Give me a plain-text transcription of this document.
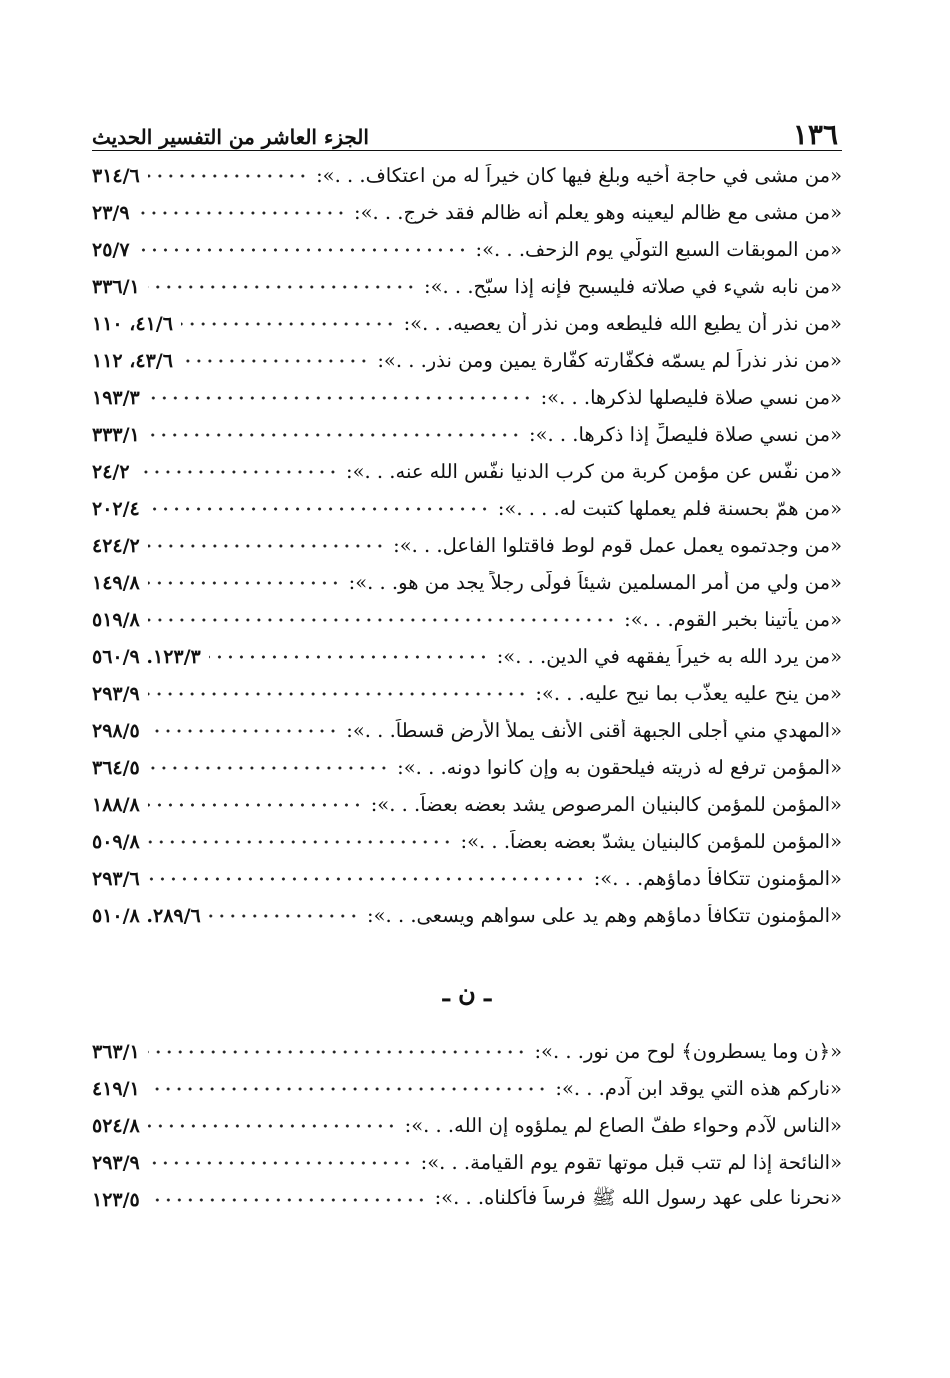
١٣٦
الجزء العاشر من التفسير الحديث
«من مشى في حاجة أخيه وبلغ فيها كان خيراً له من اعتكاف. . .»:
٣١٤/٦
«من مشى مع ظالم ليعينه وهو يعلم أنه ظالم فقد خرج. . .»:
٢٣/٩
«من الموبقات السبع التولّي يوم الزحف. . .»:
٢٥/٧
«من نابه شيء في صلاته فليسبح فإنه إذا سبّح. . .»:
٣٣٦/١
«من نذر أن يطيع الله فليطعه ومن نذر أن يعصيه. . .»:
٤١/٦، ١١٠
«من نذر نذراً لم يسمّه فكفّارته كفّارة يمين ومن نذر. . .»:
٤٣/٦، ١١٢
«من نسي صلاة فليصلها لذكرها. . .»:
١٩٣/٣
«من نسي صلاة فليصلِّ إذا ذكرها. . .»:
٣٣٣/١
«من نفّس عن مؤمن كربة من كرب الدنيا نفّس الله عنه. . .»:
٢٤/٢
«من همّ بحسنة فلم يعملها كتبت له. . . .»:
٢٠٢/٤
«من وجدتموه يعمل عمل قوم لوط فاقتلوا الفاعل. . .»:
٤٢٤/٢
«من ولي من أمر المسلمين شيئاً فولّى رجلاً يجد من هو. . .»:
١٤٩/٨
«من يأتينا بخبر القوم. . .»:
٥١٩/٨
«من يرد الله به خيراً يفقهه في الدين. . .»:
١٢٣/٣. ٥٦٠/٩
«من ينح عليه يعذّب بما نيح عليه. . .»:
٢٩٣/٩
«المهدي مني أجلى الجبهة أقنى الأنف يملأ الأرض قسطاً. . .»:
٢٩٨/٥
«المؤمن ترفع له ذريته فيلحقون به وإن كانوا دونه. . .»:
٣٦٤/٥
«المؤمن للمؤمن كالبنيان المرصوص يشد بعضه بعضاً. . .»:
١٨٨/٨
«المؤمن للمؤمن كالبنيان يشدّ بعضه بعضاً. . .»:
٥٠٩/٨
«المؤمنون تتكافأ دماؤهم. . .»:
٢٩٣/٦
«المؤمنون تتكافأ دماؤهم وهم يد على سواهم ويسعى. . .»:
٢٨٩/٦. ٥١٠/٨
ـ ن ـ
«﴿ن وما يسطرون﴾ لوح من نور. . .»:
٣٦٣/١
«ناركم هذه التي يوقد ابن آدم. . .»:
٤١٩/١
«الناس لآدم وحواء طفّ الصاع لم يملؤوه إن الله. . .»:
٥٢٤/٨
«النائحة إذا لم تتب قبل موتها تقوم يوم القيامة. . .»:
٢٩٣/٩
«نحرنا على عهد رسول الله ﷺ فرساً فأكلناه. . .»:
١٢٣/٥
